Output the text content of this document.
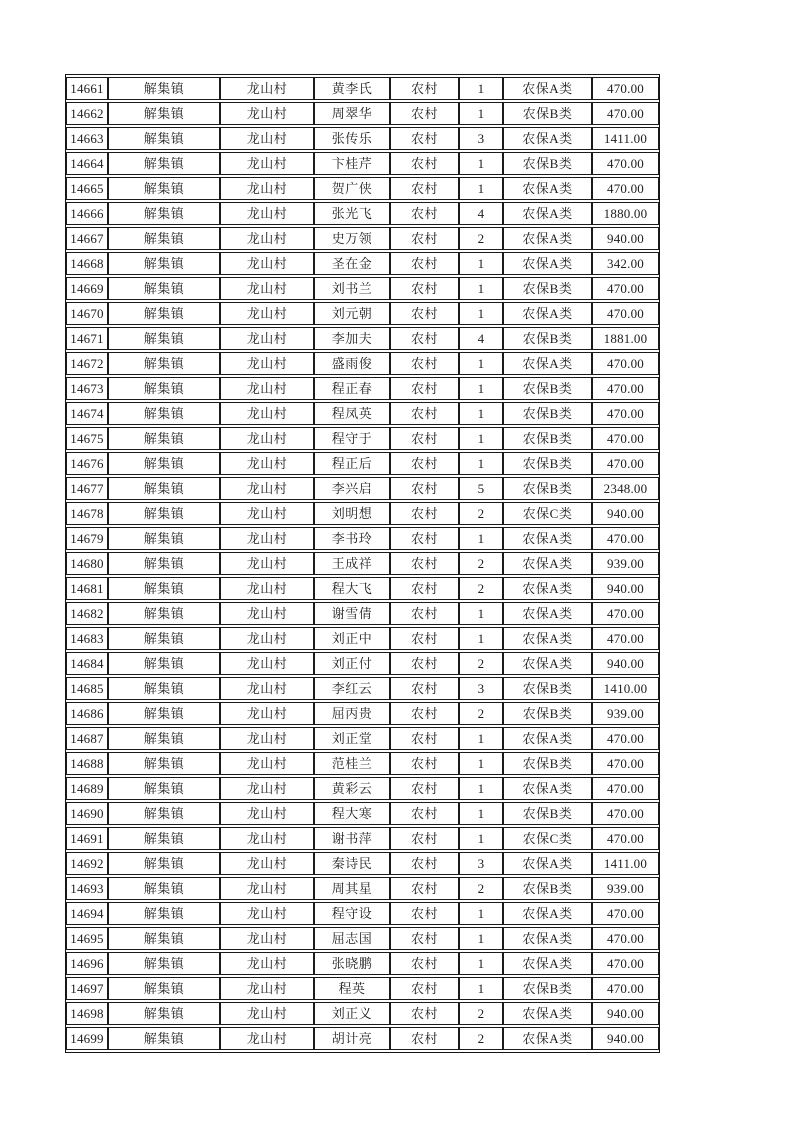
14661	解集镇	龙山村	黄李氏	农村	1	农保A类	470.00
14662	解集镇	龙山村	周翠华	农村	1	农保B类	470.00
14663	解集镇	龙山村	张传乐	农村	3	农保A类	1411.00
14664	解集镇	龙山村	卞桂芹	农村	1	农保B类	470.00
14665	解集镇	龙山村	贺广侠	农村	1	农保A类	470.00
14666	解集镇	龙山村	张光飞	农村	4	农保A类	1880.00
14667	解集镇	龙山村	史万领	农村	2	农保A类	940.00
14668	解集镇	龙山村	圣在金	农村	1	农保A类	342.00
14669	解集镇	龙山村	刘书兰	农村	1	农保B类	470.00
14670	解集镇	龙山村	刘元朝	农村	1	农保A类	470.00
14671	解集镇	龙山村	李加夫	农村	4	农保B类	1881.00
14672	解集镇	龙山村	盛雨俊	农村	1	农保A类	470.00
14673	解集镇	龙山村	程正春	农村	1	农保B类	470.00
14674	解集镇	龙山村	程凤英	农村	1	农保B类	470.00
14675	解集镇	龙山村	程守于	农村	1	农保B类	470.00
14676	解集镇	龙山村	程正后	农村	1	农保B类	470.00
14677	解集镇	龙山村	李兴启	农村	5	农保B类	2348.00
14678	解集镇	龙山村	刘明想	农村	2	农保C类	940.00
14679	解集镇	龙山村	李书玲	农村	1	农保A类	470.00
14680	解集镇	龙山村	王成祥	农村	2	农保A类	939.00
14681	解集镇	龙山村	程大飞	农村	2	农保A类	940.00
14682	解集镇	龙山村	谢雪倩	农村	1	农保A类	470.00
14683	解集镇	龙山村	刘正中	农村	1	农保A类	470.00
14684	解集镇	龙山村	刘正付	农村	2	农保A类	940.00
14685	解集镇	龙山村	李红云	农村	3	农保B类	1410.00
14686	解集镇	龙山村	屈丙贵	农村	2	农保B类	939.00
14687	解集镇	龙山村	刘正堂	农村	1	农保A类	470.00
14688	解集镇	龙山村	范桂兰	农村	1	农保B类	470.00
14689	解集镇	龙山村	黄彩云	农村	1	农保A类	470.00
14690	解集镇	龙山村	程大寒	农村	1	农保B类	470.00
14691	解集镇	龙山村	谢书萍	农村	1	农保C类	470.00
14692	解集镇	龙山村	秦诗民	农村	3	农保A类	1411.00
14693	解集镇	龙山村	周其星	农村	2	农保B类	939.00
14694	解集镇	龙山村	程守设	农村	1	农保A类	470.00
14695	解集镇	龙山村	屈志国	农村	1	农保A类	470.00
14696	解集镇	龙山村	张晓鹏	农村	1	农保A类	470.00
14697	解集镇	龙山村	程英	农村	1	农保B类	470.00
14698	解集镇	龙山村	刘正义	农村	2	农保A类	940.00
14699	解集镇	龙山村	胡计亮	农村	2	农保A类	940.00
